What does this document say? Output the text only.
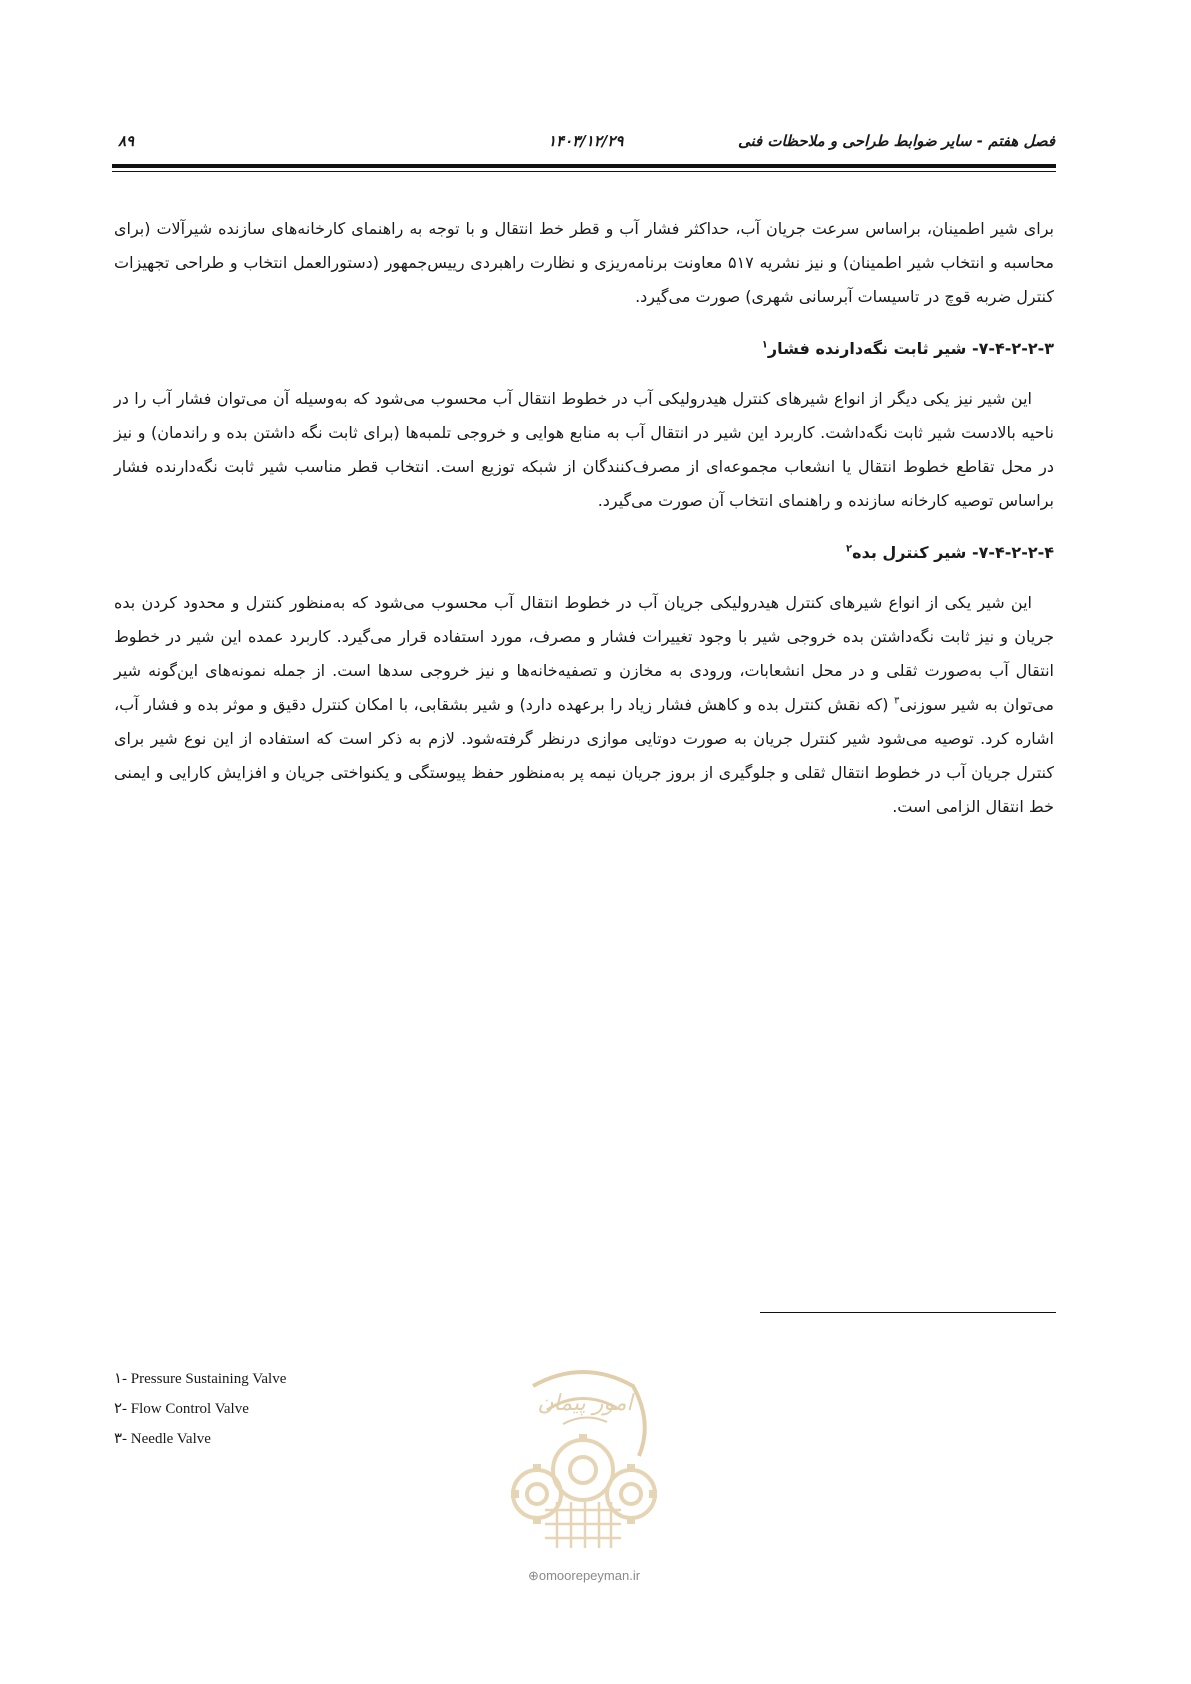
فصل هفتم - سایر ضوابط طراحی و ملاحظات فنی
۱۴۰۳/۱۲/۲۹
۸۹

برای شیر اطمینان، براساس سرعت جریان آب، حداکثر فشار آب و قطر خط انتقال و با توجه به راهنمای کارخانه‌های سازنده شیرآلات (برای محاسبه و انتخاب شیر اطمینان) و نیز نشریه ۵۱۷ معاونت برنامه‌ریزی و نظارت راهبردی رییس‌جمهور (دستورالعمل انتخاب و طراحی تجهیزات کنترل ضربه قوچ در تاسیسات آبرسانی شهری) صورت می‌گیرد.

۷-۴-۲-۲-۳- شیر ثابت نگه‌دارنده فشار$^۱$

این شیر نیز یکی دیگر از انواع شیرهای کنترل هیدرولیکی آب در خطوط انتقال آب محسوب می‌شود که به‌وسیله آن می‌توان فشار آب را در ناحیه بالادست شیر ثابت نگه‌داشت. کاربرد این شیر در انتقال آب به منابع هوایی و خروجی تلمبه‌ها (برای ثابت نگه داشتن بده و راندمان) و نیز در محل تقاطع خطوط انتقال یا انشعاب مجموعه‌ای از مصرف‌کنندگان از شبکه توزیع است. انتخاب قطر مناسب شیر ثابت نگه‌دارنده فشار براساس توصیه کارخانه سازنده و راهنمای انتخاب آن صورت می‌گیرد.

۷-۴-۲-۲-۴- شیر کنترل بده$^۲$

این شیر یکی از انواع شیرهای کنترل هیدرولیکی جریان آب در خطوط انتقال آب محسوب می‌شود که به‌منظور کنترل و محدود کردن بده جریان و نیز ثابت نگه‌داشتن بده خروجی شیر با وجود تغییرات فشار و مصرف، مورد استفاده قرار می‌گیرد. کاربرد عمده این شیر در خطوط انتقال آب به‌صورت ثقلی و در محل انشعابات، ورودی به مخازن و تصفیه‌خانه‌ها و نیز خروجی سدها است. از جمله نمونه‌های این‌گونه شیر می‌توان به شیر سوزنی$^۳$ (که نقش کنترل بده و کاهش فشار زیاد را برعهده دارد) و شیر بشقابی، با امکان کنترل دقیق و موثر بده و فشار آب، اشاره کرد. توصیه می‌شود شیر کنترل جریان به صورت دوتایی موازی درنظر گرفته‌شود. لازم به ذکر است که استفاده از این نوع شیر برای کنترل جریان آب در خطوط انتقال ثقلی و جلوگیری از بروز جریان نیمه پر به‌منظور حفظ پیوستگی و یکنواختی جریان و افزایش کارایی و ایمنی خط انتقال الزامی است.

۱- Pressure Sustaining Valve
۲- Flow Control Valve
۳- Needle Valve
امور پیمان
⊕omoorepeyman.ir
